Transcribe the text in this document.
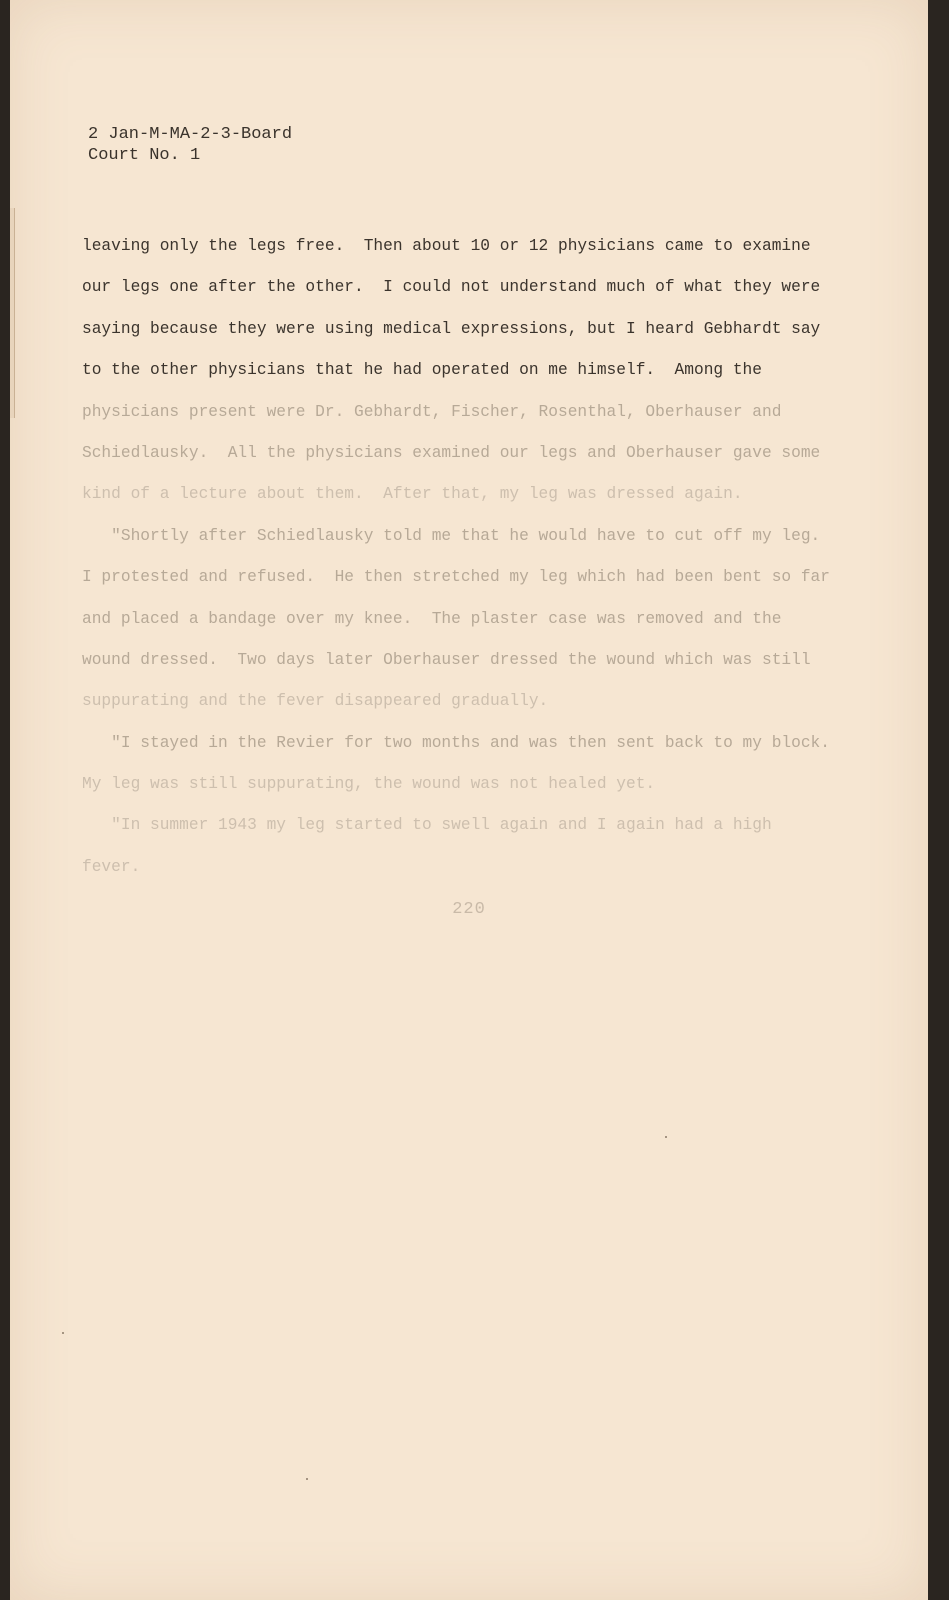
2 Jan-M-MA-2-3-Board
Court No. 1
leaving only the legs free.  Then about 10 or 12 physicians came to examine
our legs one after the other.  I could not understand much of what they were
saying because they were using medical expressions, but I heard Gebhardt say
to the other physicians that he had operated on me himself.  Among the
physicians present were Dr. Gebhardt, Fischer, Rosenthal, Oberhauser and
Schiedlausky.  All the physicians examined our legs and Oberhauser gave some
kind of a lecture about them.  After that, my leg was dressed again.
"Shortly after Schiedlausky told me that he would have to cut off my leg.
I protested and refused.  He then stretched my leg which had been bent so far
and placed a bandage over my knee.  The plaster case was removed and the
wound dressed.  Two days later Oberhauser dressed the wound which was still
suppurating and the fever disappeared gradually.
"I stayed in the Revier for two months and was then sent back to my block.
My leg was still suppurating, the wound was not healed yet.
"In summer 1943 my leg started to swell again and I again had a high
fever.
220
